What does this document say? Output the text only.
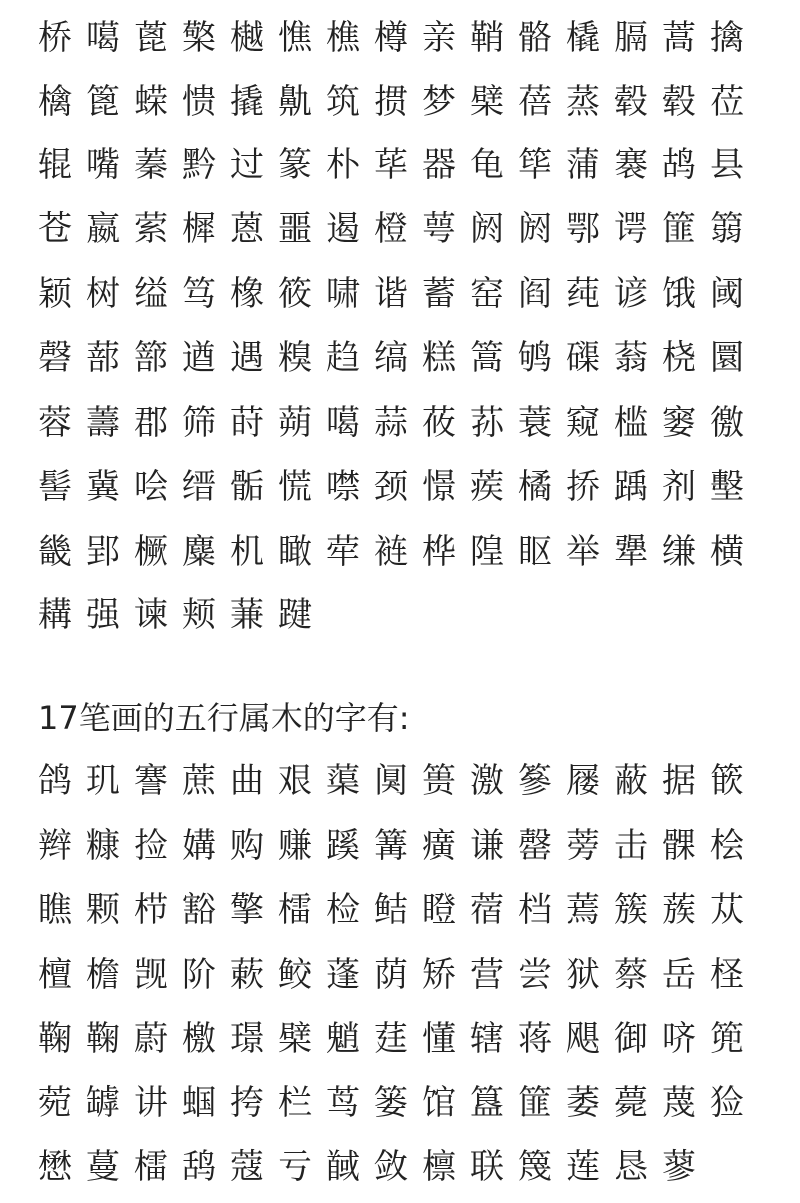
桥噶蓖檠樾憔樵樽亲鞘骼橇膈蒿擒
檎篦蝾愦撬鼽筑掼梦檗蓓蒸毂毂莅
辊嘴蓁黔过篆朴荜器龟筚蒲褰鸪县
苍嬴萦樨蒽噩遏橙萼阏阏鄂谔篚篛
颖树缢笃橡筱啸谐蓄窑阎莼谚饿阈
磬蔀篰遒遇糗趋缟糕篙鸲磲蓊桡圜
蓉薵郡筛莳蒴噶蒜莜荪蓑窥槛窭徼
髻冀哙缙骺慌噤颈憬蒺橘挢踽剂墼
畿郢橛麋机瞰荦裢桦隍眍举犟缣横
耩强谏颊蒹踺
17笔画的五行属木的字有:
鸽玑謇蔗曲艰蕖阒篑激篸屦蔽据篏
辫糠捡媾购赚蹊篝癀谦罄蒡击髁桧
瞧颗栉豁擎檑检鲒瞪蓿档蔫簇蔟苁
檀檐觊阶蔌鲛蓬荫矫营尝狱蔡岳柽
鞠鞠蔚檄璟檗魈莛懂辖蒋飓御哜篼
菀罅讲蝈挎栏茑篓馆簋篚萎薨蔑猃
懋蔓檑鸹蔻亏馘敛檩联篾莲恳蓼
